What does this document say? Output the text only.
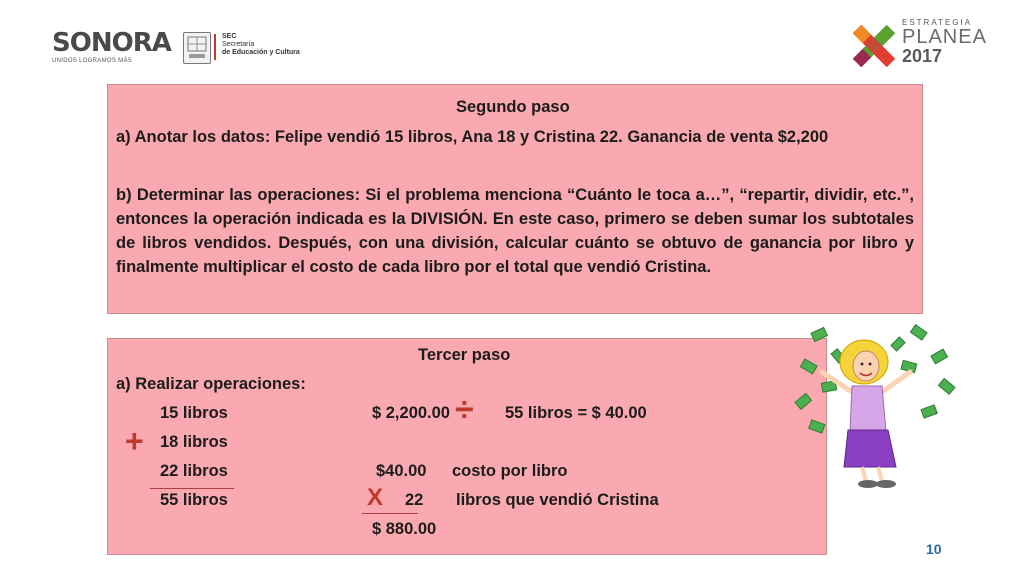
SONORA
UNIDOS LOGRAMOS MÁS
SEC
Secretaría
de Educación y Cultura
ESTRATEGIA
PLANEA
2017
Segundo paso
a) Anotar los datos: Felipe vendió 15 libros, Ana 18 y Cristina 22. Ganancia de venta $2,200
b) Determinar las operaciones: Si el problema menciona “Cuánto le toca a…”, “repartir, dividir, etc.”, entonces la operación indicada es la DIVISIÓN. En este caso, primero se deben sumar los subtotales de libros vendidos. Después, con una división, calcular cuánto se obtuvo de ganancia por libro y finalmente multiplicar el costo de cada libro por el total que vendió Cristina.
Tercer paso
a) Realizar operaciones:
15 libros
18 libros
22 libros
55 libros
+
$ 2,200.00 ÷ 55 libros = $ 40.00
$40.00 costo por libro
X 22 libros que vendió Cristina
$ 880.00
10
